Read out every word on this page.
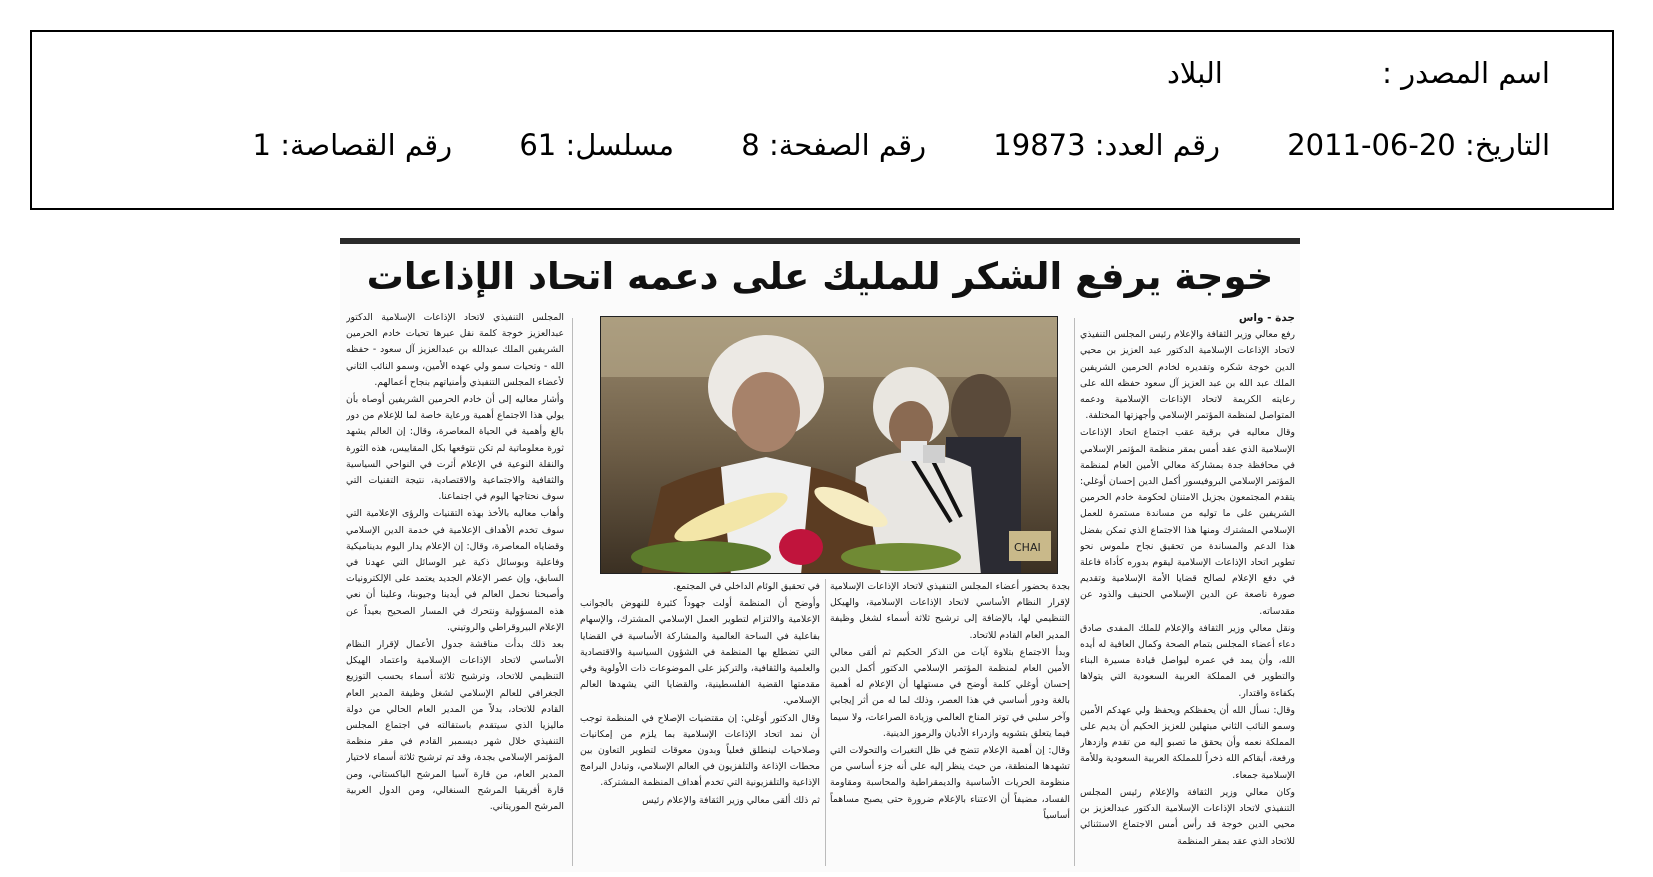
اسم المصدر : البلاد
التاريخ: 2011-06-20 رقم العدد: 19873 رقم الصفحة: 8 مسلسل: 61 رقم القصاصة: 1
خوجة يرفع الشكر للمليك على دعمه اتحاد الإذاعات

جدة - واس

رفع معالي وزير الثقافة والإعلام رئيس المجلس التنفيذي لاتحاد الإذاعات الإسلامية الدكتور عبد العزيز بن محيي الدين خوجة شكره وتقديره لخادم الحرمين الشريفين الملك عبد الله بن عبد العزيز آل سعود حفظه الله على رعايته الكريمة لاتحاد الإذاعات الإسلامية ودعمه المتواصل لمنظمة المؤتمر الإسلامي وأجهزتها المختلفة.

وقال معاليه في برقية عقب اجتماع اتحاد الإذاعات الإسلامية الذي عقد أمس بمقر منظمة المؤتمر الإسلامي في محافظة جدة بمشاركة معالي الأمين العام لمنظمة المؤتمر الإسلامي البروفيسور أكمل الدين إحسان أوغلي: يتقدم المجتمعون بجزيل الامتنان لحكومة خادم الحرمين الشريفين على ما توليه من مساندة مستمرة للعمل الإسلامي المشترك ومنها هذا الاجتماع الذي تمكن بفضل هذا الدعم والمساندة من تحقيق نجاح ملموس نحو تطوير اتحاد الإذاعات الإسلامية ليقوم بدوره كأداة فاعلة في دفع الإعلام لصالح قضايا الأمة الإسلامية وتقديم صورة ناصعة عن الدين الإسلامي الحنيف والذود عن مقدساته.

ونقل معالي وزير الثقافة والإعلام للملك المفدى صادق دعاء أعضاء المجلس بتمام الصحة وكمال العافية له أيده الله، وأن يمد في عمره ليواصل قيادة مسيرة البناء والتطوير في المملكة العربية السعودية التي يتولاها بكفاءة واقتدار.

وقال: نسأل الله أن يحفظكم ويحفظ ولي عهدكم الأمين وسمو النائب الثاني مبتهلين للعزيز الحكيم أن يديم على المملكة نعمه وأن يحقق ما تصبو إليه من تقدم وازدهار ورفعة، أبقاكم الله ذخراً للمملكة العربية السعودية وللأمة الإسلامية جمعاء.

وكان معالي وزير الثقافة والإعلام رئيس المجلس التنفيذي لاتحاد الإذاعات الإسلامية الدكتور عبدالعزيز بن محيي الدين خوجة قد رأس أمس الاجتماع الاستثنائي للاتحاد الذي عقد بمقر المنظمة

CHAI

بجدة بحضور أعضاء المجلس التنفيذي لاتحاد الإذاعات الإسلامية لإقرار النظام الأساسي لاتحاد الإذاعات الإسلامية، والهيكل التنظيمي لها، بالإضافة إلى ترشيح ثلاثة أسماء لشغل وظيفة المدير العام القادم للاتحاد.

وبدأ الاجتماع بتلاوة آيات من الذكر الحكيم ثم ألقى معالي الأمين العام لمنظمة المؤتمر الإسلامي الدكتور أكمل الدين إحسان أوغلي كلمة أوضح في مستهلها أن الإعلام له أهمية بالغة ودور أساسي في هذا العصر، وذلك لما له من أثر إيجابي وآخر سلبي في توتر المناخ العالمي وزيادة الصراعات، ولا سيما فيما يتعلق بتشويه وازدراء الأديان والرموز الدينية.

وقال: إن أهمية الإعلام تتضح في ظل التغيرات والتحولات التي تشهدها المنطقة، من حيث ينظر إليه على أنه جزء أساسي من منظومة الحريات الأساسية والديمقراطية والمحاسبة ومقاومة الفساد، مضيفاً أن الاعتناء بالإعلام ضرورة حتى يصبح مساهماً أساسياً

في تحقيق الوئام الداخلي في المجتمع.

وأوضح أن المنظمة أولت جهوداً كثيرة للنهوض بالجوانب الإعلامية والالتزام لتطوير العمل الإسلامي المشترك، والإسهام بفاعلية في الساحة العالمية والمشاركة الأساسية في القضايا التي تضطلع بها المنظمة في الشؤون السياسية والاقتصادية والعلمية والثقافية، والتركيز على الموضوعات ذات الأولوية وفي مقدمتها القضية الفلسطينية، والقضايا التي يشهدها العالم الإسلامي.

وقال الدكتور أوغلي: إن مقتضيات الإصلاح في المنظمة توجب أن نمد اتحاد الإذاعات الإسلامية بما يلزم من إمكانيات وصلاحيات لينطلق فعلياً وبدون معوقات لتطوير التعاون بين محطات الإذاعة والتلفزيون في العالم الإسلامي، وتبادل البرامج الإذاعية والتلفزيونية التي تخدم أهداف المنظمة المشتركة.

ثم ذلك ألقى معالي وزير الثقافة والإعلام رئيس

المجلس التنفيذي لاتحاد الإذاعات الإسلامية الدكتور عبدالعزيز خوجة كلمة نقل عبرها تحيات خادم الحرمين الشريفين الملك عبدالله بن عبدالعزيز آل سعود - حفظه الله - وتحيات سمو ولي عهده الأمين، وسمو النائب الثاني لأعضاء المجلس التنفيذي وأمنياتهم بنجاح أعمالهم.

وأشار معاليه إلى أن خادم الحرمين الشريفين أوصاه بأن يولي هذا الاجتماع أهمية ورعاية خاصة لما للإعلام من دور بالغ وأهمية في الحياة المعاصرة، وقال: إن العالم يشهد ثورة معلوماتية لم تكن نتوقعها بكل المقاييس، هذه الثورة والنقلة النوعية في الإعلام أثرت في النواحي السياسية والثقافية والاجتماعية والاقتصادية، نتيجة التقنيات التي سوف نحتاجها اليوم في اجتماعنا.

وأهاب معاليه بالأخذ بهذه التقنيات والرؤى الإعلامية التي سوف تخدم الأهداف الإعلامية في خدمة الدين الإسلامي وقضاياه المعاصرة، وقال: إن الإعلام يدار اليوم بديناميكية وفاعلية وبوسائل ذكية غير الوسائل التي عهدنا في السابق، وإن عصر الإعلام الجديد يعتمد على الإلكترونيات وأصبحنا نحمل العالم في أيدينا وجيوبنا، وعلينا أن نعي هذه المسؤولية ونتحرك في المسار الصحيح بعيداً عن الإعلام البيروقراطي والروتيني.

بعد ذلك بدأت مناقشة جدول الأعمال لإقرار النظام الأساسي لاتحاد الإذاعات الإسلامية واعتماد الهيكل التنظيمي للاتحاد، وترشيح ثلاثة أسماء بحسب التوزيع الجغرافي للعالم الإسلامي لشغل وظيفة المدير العام القادم للاتحاد، بدلاً من المدير العام الحالي من دولة ماليزيا الذي سيتقدم باستقالته في اجتماع المجلس التنفيذي خلال شهر ديسمبر القادم في مقر منظمة المؤتمر الإسلامي بجدة، وقد تم ترشيح ثلاثة أسماء لاختيار المدير العام، من قارة آسيا المرشح الباكستاني، ومن قارة أفريقيا المرشح السنغالي، ومن الدول العربية المرشح الموريتاني.
